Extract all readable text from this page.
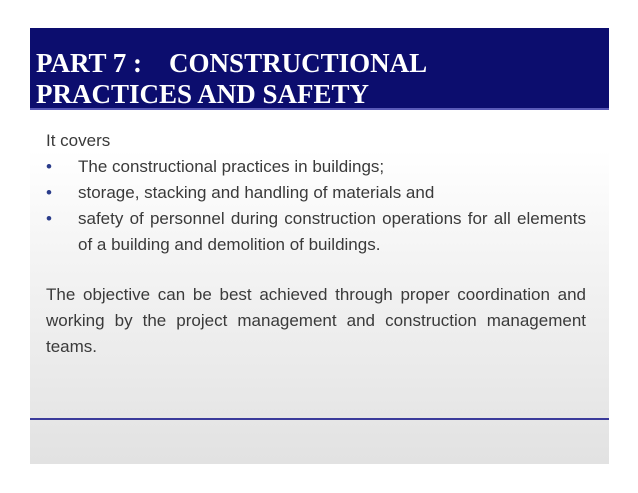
PART 7 :    CONSTRUCTIONAL
PRACTICES AND SAFETY

It covers

• The constructional practices in buildings;
• storage, stacking and handling of materials and
• safety of personnel during construction operations for all elements of a building and demolition of buildings.

The objective can be best achieved through proper coordination and working by the project management and construction management teams.
